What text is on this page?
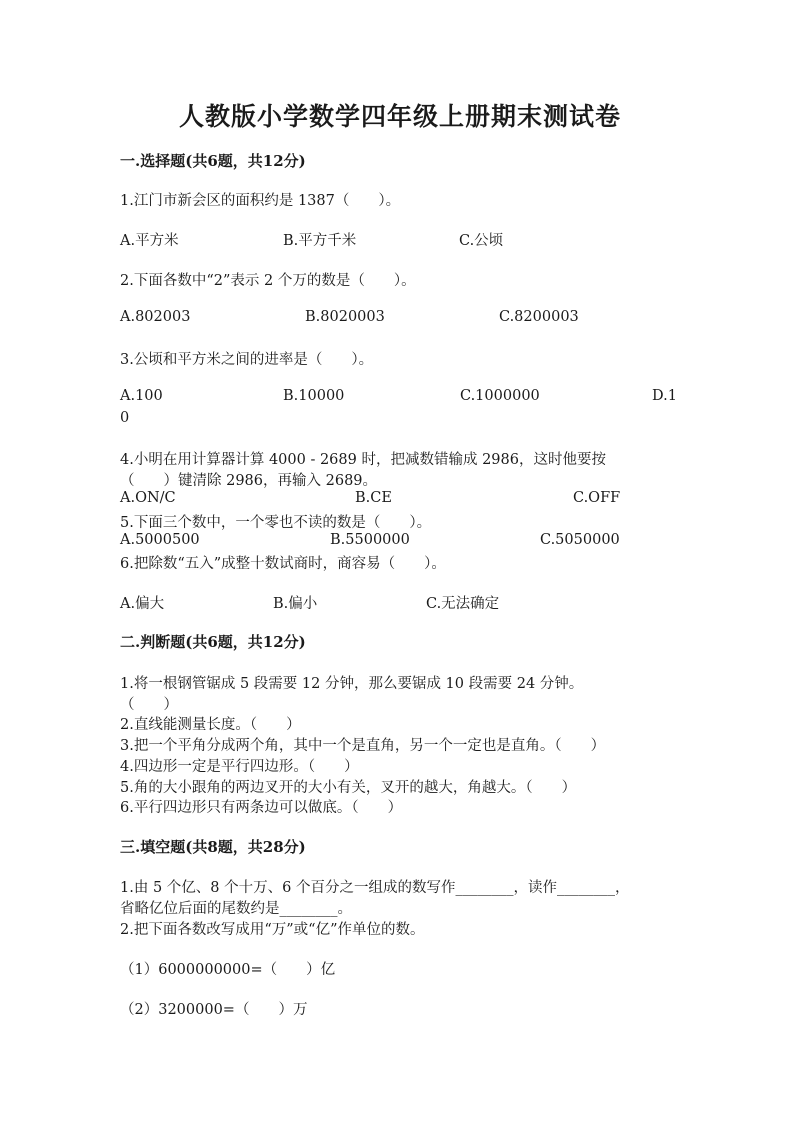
人教版小学数学四年级上册期末测试卷
一.选择题(共6题，共12分)
1.江门市新会区的面积约是 1387（　　）。
A.平方米	B.平方千米	C.公顷
2.下面各数中“2”表示 2 个万的数是（　　）。
A.802003	B.8020003	C.8200003
3.公顷和平方米之间的进率是（　　）。
A.100	B.10000	C.1000000	D.1
0
4.小明在用计算器计算 4000 - 2689 时，把减数错输成 2986，这时他要按
（　　）键清除 2986，再输入 2689。
A.ON/C	B.CE	C.OFF
5.下面三个数中，一个零也不读的数是（　　）。
A.5000500	B.5500000	C.5050000
6.把除数“五入”成整十数试商时，商容易（　　）。
A.偏大	B.偏小	C.无法确定
二.判断题(共6题，共12分)
1.将一根钢管锯成 5 段需要 12 分钟，那么要锯成 10 段需要 24 分钟。
（　　）
2.直线能测量长度。（　　）
3.把一个平角分成两个角，其中一个是直角，另一个一定也是直角。（　　）
4.四边形一定是平行四边形。（　　）
5.角的大小跟角的两边叉开的大小有关，叉开的越大，角越大。（　　）
6.平行四边形只有两条边可以做底。（　　）
三.填空题(共8题，共28分)
1.由 5 个亿、8 个十万、6 个百分之一组成的数写作________，读作________，
省略亿位后面的尾数约是________。
2.把下面各数改写成用“万”或“亿”作单位的数。
（1）6000000000=（　　）亿
（2）3200000=（　　）万
